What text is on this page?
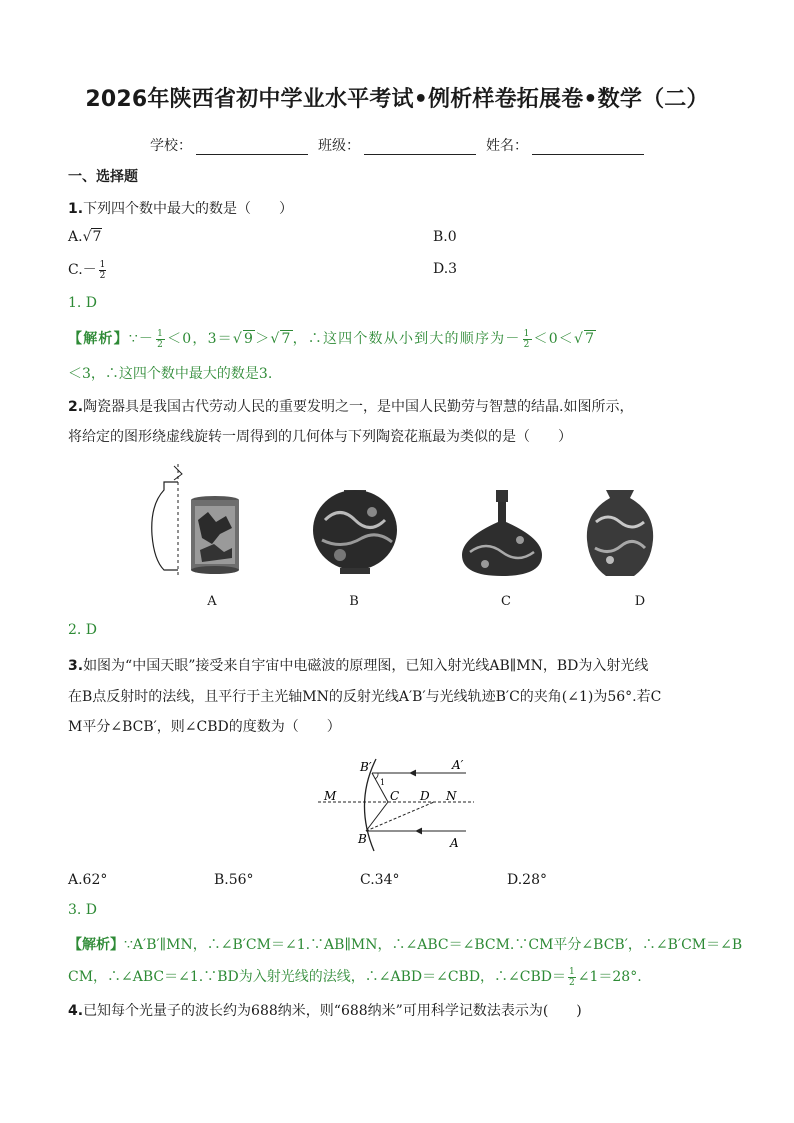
2026年陕西省初中学业水平考试•例析样卷拓展卷•数学（二）
学校：	班级：	姓名：
一、选择题
1.下列四个数中最大的数是（　　）
A.√7	B.0
$C.- \frac{1}{2}$	D.3
1. D
【解析】∵－ $\frac{1}{2} <0$，3＝√9＞√7，∴这四个数从小到大的顺序为－ $\frac{1}{2} <0<√7$
＜3，∴这四个数中最大的数是3.
2.陶瓷器具是我国古代劳动人民的重要发明之一，是中国人民勤劳与智慧的结晶.如图所示，
将给定的图形绕虚线旋转一周得到的几何体与下列陶瓷花瓶最为类似的是（　　）
A	B	C	D
2. D
3.如图为“中国天眼”接受来自宇宙中电磁波的原理图，已知入射光线AB∥MN，BD为入射光线
在B点反射时的法线，且平行于主光轴MN的反射光线A′B′与光线轨迹B′C的夹角(∠1)为56°.若C
M平分∠BCB′，则∠CBD的度数为（　　）
B′	A′
M	C D N
B	A
1
A.62°	B.56°	C.34°	D.28°
3. D
【解析】∵A′B′∥MN，∴∠B′CM＝∠1.∵AB∥MN，∴∠ABC＝∠BCM.∵CM平分∠BCB′，∴∠B′CM＝∠B
CM，∴∠ABC＝∠1.∵BD为入射光线的法线，∴∠ABD＝∠CBD，∴∠CBD＝ $\frac{1}{2}$ ∠1＝28°.
4.已知每个光量子的波长约为688纳米，则“688纳米”可用科学记数法表示为(　　)
